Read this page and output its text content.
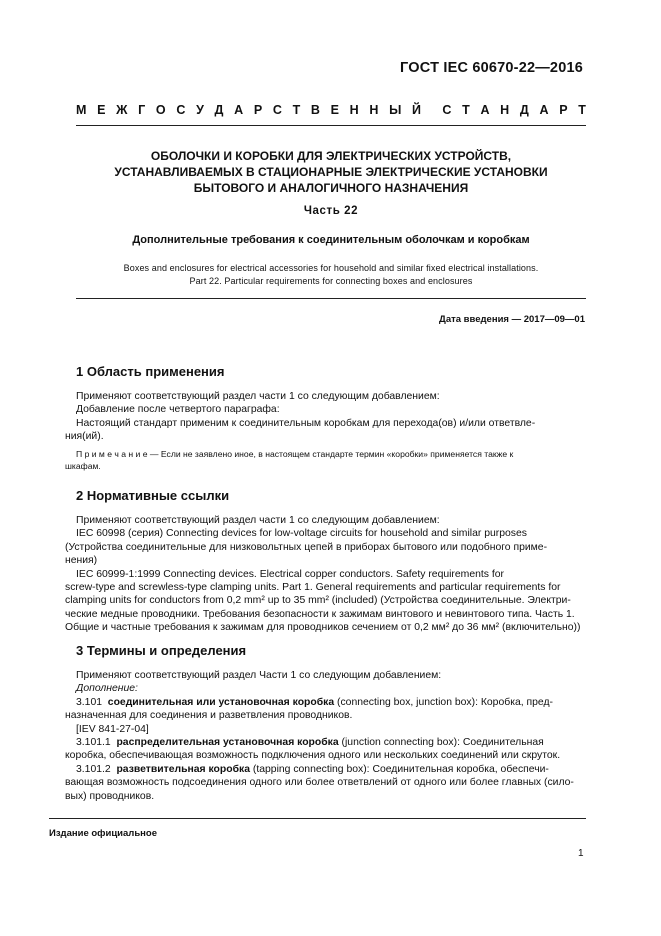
ГОСТ IEC 60670-22—2016
М Е Ж Г О С У Д А Р С Т В Е Н Н Ы Й С Т А Н Д А Р Т
ОБОЛОЧКИ И КОРОБКИ ДЛЯ ЭЛЕКТРИЧЕСКИХ УСТРОЙСТВ,
УСТАНАВЛИВАЕМЫХ В СТАЦИОНАРНЫЕ ЭЛЕКТРИЧЕСКИЕ УСТАНОВКИ
БЫТОВОГО И АНАЛОГИЧНОГО НАЗНАЧЕНИЯ
Часть 22
Дополнительные требования к соединительным оболочкам и коробкам
Boxes and enclosures for electrical accessories for household and similar fixed electrical installations.
Part 22. Particular requirements for connecting boxes and enclosures
Дата введения — 2017—09—01
1 Область применения
Применяют соответствующий раздел части 1 со следующим добавлением:
Добавление после четвертого параграфа:
Настоящий стандарт применим к соединительным коробкам для перехода(ов) и/или ответвле-
ния(ий).
П р и м е ч а н и е — Если не заявлено иное, в настоящем стандарте термин «коробки» применяется также к
шкафам.
2 Нормативные ссылки
Применяют соответствующий раздел части 1 со следующим добавлением:
IEC 60998 (серия) Connecting devices for low-voltage circuits for household and similar purposes
(Устройства соединительные для низковольтных цепей в приборах бытового или подобного приме-
нения)
IEC 60999-1:1999 Connecting devices. Electrical copper conductors. Safety requirements for
screw-type and screwless-type clamping units. Part 1. General requirements and particular requirements for
clamping units for conductors from 0,2 mm² up to 35 mm² (included) (Устройства соединительные. Электри-
ческие медные проводники. Требования безопасности к зажимам винтового и невинтового типа. Часть 1.
Общие и частные требования к зажимам для проводников сечением от 0,2 мм² до 36 мм² (включительно))
3 Термины и определения
Применяют соответствующий раздел Части 1 со следующим добавлением:
Дополнение:
3.101 соединительная или установочная коробка (connecting box, junction box): Коробка, пред-
назначенная для соединения и разветвления проводников.
[IEV 841-27-04]
3.101.1 распределительная установочная коробка (junction connecting box): Соединительная
коробка, обеспечивающая возможность подключения одного или нескольких соединений или скруток.
3.101.2 разветвительная коробка (tapping connecting box): Соединительная коробка, обеспечи-
вающая возможность подсоединения одного или более ответвлений от одного или более главных (сило-
вых) проводников.
Издание официальное
1
